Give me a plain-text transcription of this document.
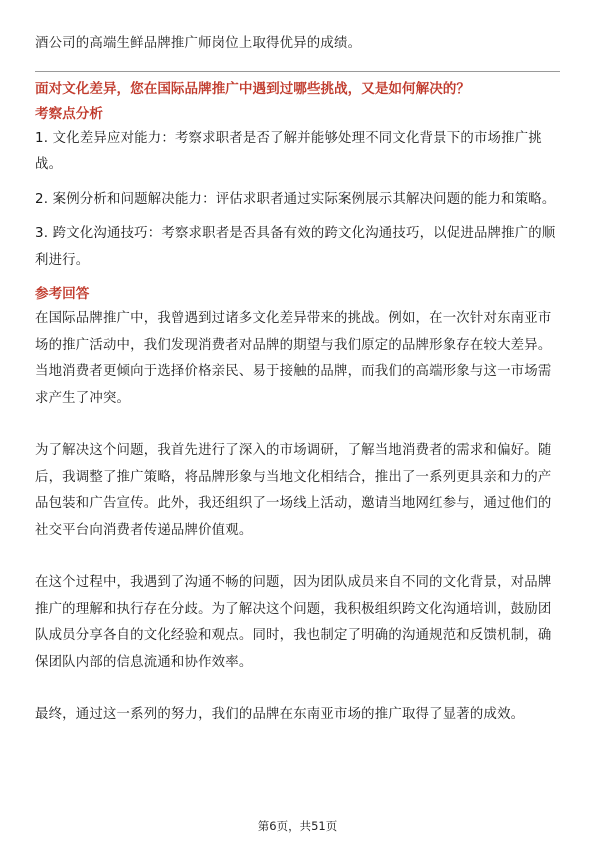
酒公司的高端生鲜品牌推广师岗位上取得优异的成绩。

面对文化差异，您在国际品牌推广中遇到过哪些挑战，又是如何解决的？

考察点分析

1. 文化差异应对能力：考察求职者是否了解并能够处理不同文化背景下的市场推广挑战。

2. 案例分析和问题解决能力：评估求职者通过实际案例展示其解决问题的能力和策略。

3. 跨文化沟通技巧：考察求职者是否具备有效的跨文化沟通技巧，以促进品牌推广的顺利进行。

参考回答

在国际品牌推广中，我曾遇到过诸多文化差异带来的挑战。例如，在一次针对东南亚市场的推广活动中，我们发现消费者对品牌的期望与我们原定的品牌形象存在较大差异。当地消费者更倾向于选择价格亲民、易于接触的品牌，而我们的高端形象与这一市场需求产生了冲突。

为了解决这个问题，我首先进行了深入的市场调研，了解当地消费者的需求和偏好。随后，我调整了推广策略，将品牌形象与当地文化相结合，推出了一系列更具亲和力的产品包装和广告宣传。此外，我还组织了一场线上活动，邀请当地网红参与，通过他们的社交平台向消费者传递品牌价值观。

在这个过程中，我遇到了沟通不畅的问题，因为团队成员来自不同的文化背景，对品牌推广的理解和执行存在分歧。为了解决这个问题，我积极组织跨文化沟通培训，鼓励团队成员分享各自的文化经验和观点。同时，我也制定了明确的沟通规范和反馈机制，确保团队内部的信息流通和协作效率。

最终，通过这一系列的努力，我们的品牌在东南亚市场的推广取得了显著的成效。

第6页，共51页
